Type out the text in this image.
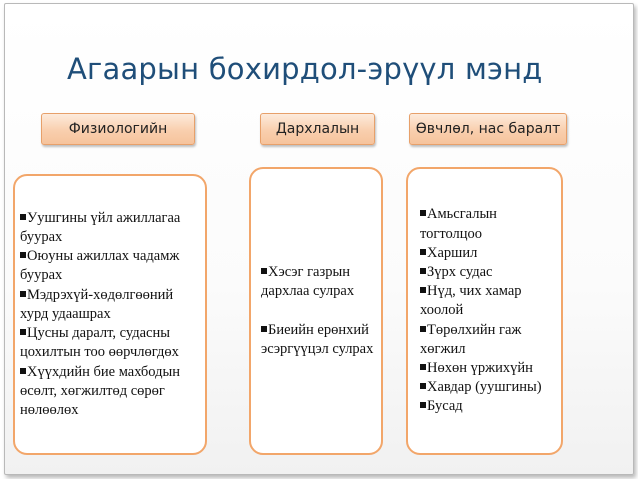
Агаарын бохирдол-эрүүл мэнд
Физиологийн	Дархлалын	Өвчлөл, нас баралт
Уушгины үйл ажиллагаа буурах
Оюуны ажиллах чадамж буурах
Мэдрэхүй-хөдөлгөөний хурд удаашрах
Цусны даралт, судасны цохилтын тоо өөрчлөгдөх
Хүүхдийн бие махбодын өсөлт, хөгжилтөд сөрөг нөлөөлөх
Хэсэг газрын дархлаа сулрах
Биеийн ерөнхий эсэргүүцэл сулрах
Амьсгалын тогтолцоо
Харшил
Зүрх судас
Нүд, чих хамар хоолой
Төрөлхийн гаж хөгжил
Нөхөн үржихүйн
Хавдар (уушгины)
Бусад
